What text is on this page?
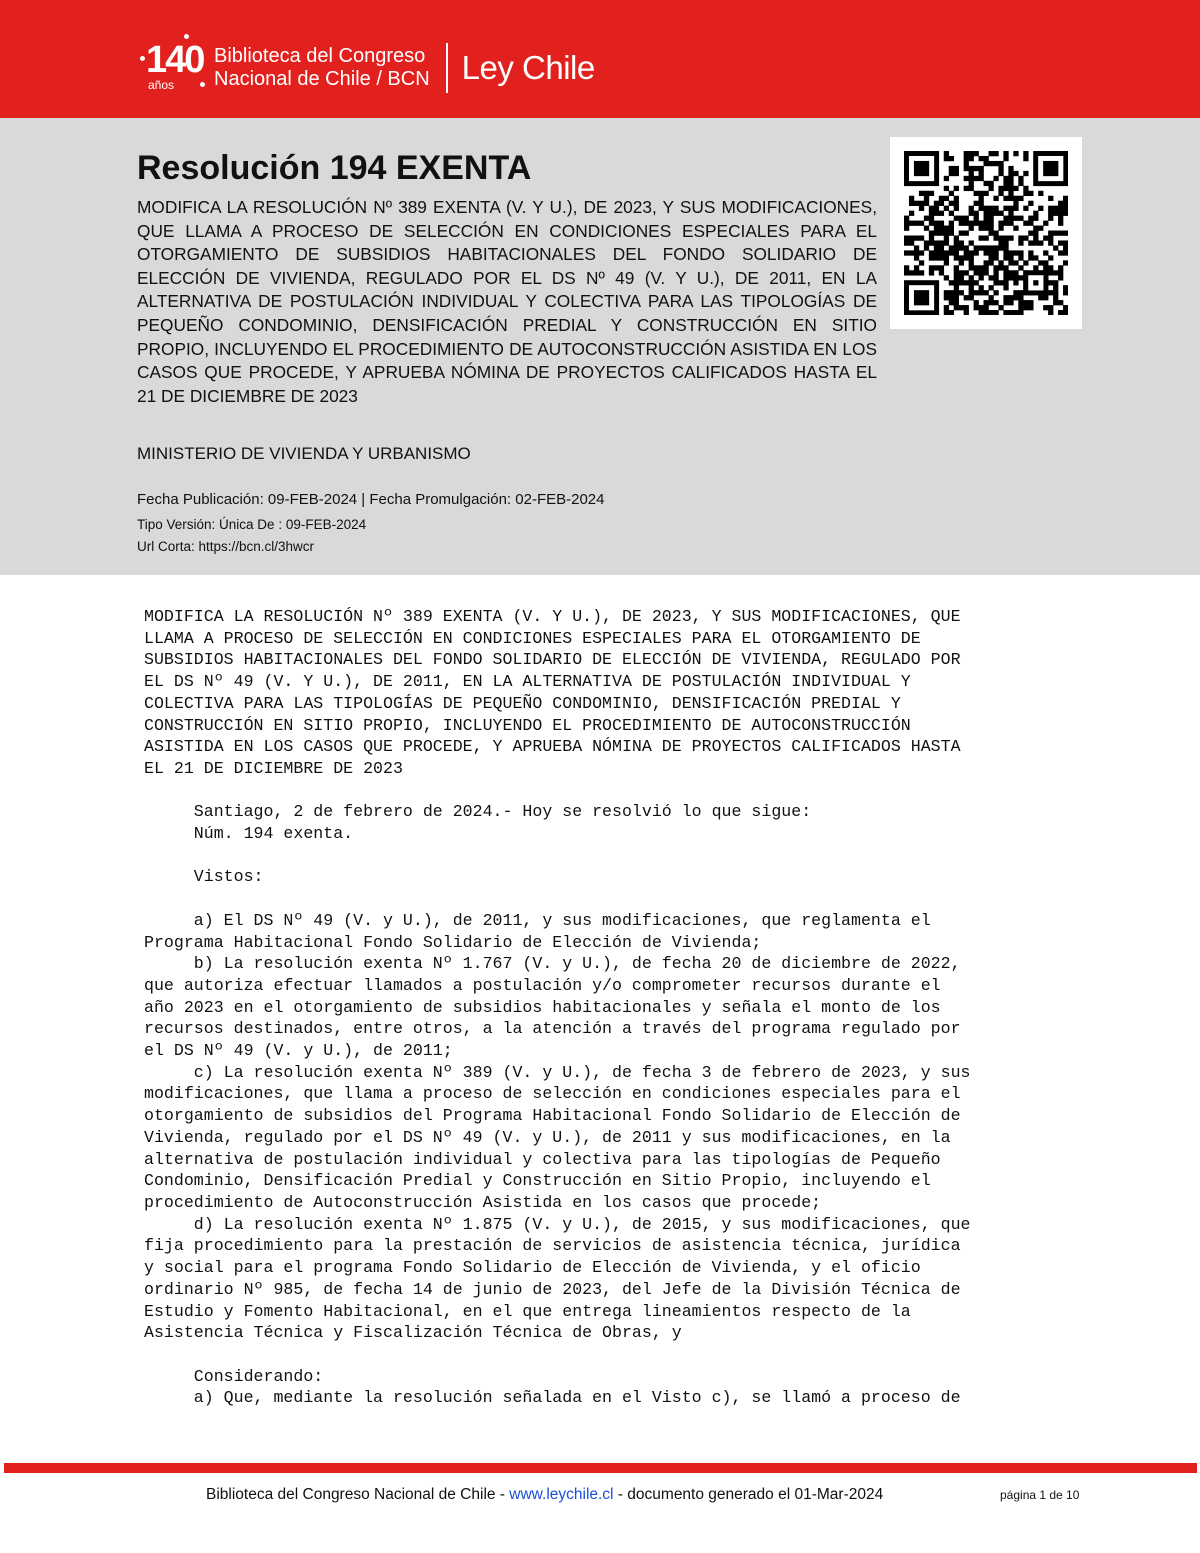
140
años
Biblioteca del Congreso
Nacional de Chile / BCN Ley Chile
Resolución 194 EXENTA

MODIFICA LA RESOLUCIÓN Nº 389 EXENTA (V. Y U.), DE 2023, Y SUS MODIFICACIONES, QUE LLAMA A PROCESO DE SELECCIÓN EN CONDICIONES ESPECIALES PARA EL OTORGAMIENTO DE SUBSIDIOS HABITACIONALES DEL FONDO SOLIDARIO DE ELECCIÓN DE VIVIENDA, REGULADO POR EL DS Nº 49 (V. Y U.), DE 2011, EN LA ALTERNATIVA DE POSTULACIÓN INDIVIDUAL Y COLECTIVA PARA LAS TIPOLOGÍAS DE PEQUEÑO CONDOMINIO, DENSIFICACIÓN PREDIAL Y CONSTRUCCIÓN EN SITIO PROPIO, INCLUYENDO EL PROCEDIMIENTO DE AUTOCONSTRUCCIÓN ASISTIDA EN LOS CASOS QUE PROCEDE, Y APRUEBA NÓMINA DE PROYECTOS CALIFICADOS HASTA EL 21 DE DICIEMBRE DE 2023

MINISTERIO DE VIVIENDA Y URBANISMO

Fecha Publicación: 09-FEB-2024 | Fecha Promulgación: 02-FEB-2024

Tipo Versión: Única De : 09-FEB-2024

Url Corta: https://bcn.cl/3hwcr

MODIFICA LA RESOLUCIÓN Nº 389 EXENTA (V. Y U.), DE 2023, Y SUS MODIFICACIONES, QUE
LLAMA A PROCESO DE SELECCIÓN EN CONDICIONES ESPECIALES PARA EL OTORGAMIENTO DE
SUBSIDIOS HABITACIONALES DEL FONDO SOLIDARIO DE ELECCIÓN DE VIVIENDA, REGULADO POR
EL DS Nº 49 (V. Y U.), DE 2011, EN LA ALTERNATIVA DE POSTULACIÓN INDIVIDUAL Y
COLECTIVA PARA LAS TIPOLOGÍAS DE PEQUEÑO CONDOMINIO, DENSIFICACIÓN PREDIAL Y
CONSTRUCCIÓN EN SITIO PROPIO, INCLUYENDO EL PROCEDIMIENTO DE AUTOCONSTRUCCIÓN
ASISTIDA EN LOS CASOS QUE PROCEDE, Y APRUEBA NÓMINA DE PROYECTOS CALIFICADOS HASTA
EL 21 DE DICIEMBRE DE 2023

Santiago, 2 de febrero de 2024.- Hoy se resolvió lo que sigue:
Núm. 194 exenta.

Vistos:

a) El DS Nº 49 (V. y U.), de 2011, y sus modificaciones, que reglamenta el
Programa Habitacional Fondo Solidario de Elección de Vivienda;
b) La resolución exenta Nº 1.767 (V. y U.), de fecha 20 de diciembre de 2022,
que autoriza efectuar llamados a postulación y/o comprometer recursos durante el
año 2023 en el otorgamiento de subsidios habitacionales y señala el monto de los
recursos destinados, entre otros, a la atención a través del programa regulado por
el DS Nº 49 (V. y U.), de 2011;
c) La resolución exenta Nº 389 (V. y U.), de fecha 3 de febrero de 2023, y sus
modificaciones, que llama a proceso de selección en condiciones especiales para el
otorgamiento de subsidios del Programa Habitacional Fondo Solidario de Elección de
Vivienda, regulado por el DS Nº 49 (V. y U.), de 2011 y sus modificaciones, en la
alternativa de postulación individual y colectiva para las tipologías de Pequeño
Condominio, Densificación Predial y Construcción en Sitio Propio, incluyendo el
procedimiento de Autoconstrucción Asistida en los casos que procede;
d) La resolución exenta Nº 1.875 (V. y U.), de 2015, y sus modificaciones, que
fija procedimiento para la prestación de servicios de asistencia técnica, jurídica
y social para el programa Fondo Solidario de Elección de Vivienda, y el oficio
ordinario Nº 985, de fecha 14 de junio de 2023, del Jefe de la División Técnica de
Estudio y Fomento Habitacional, en el que entrega lineamientos respecto de la
Asistencia Técnica y Fiscalización Técnica de Obras, y

Considerando:
a) Que, mediante la resolución señalada en el Visto c), se llamó a proceso de
Biblioteca del Congreso Nacional de Chile - www.leychile.cl - documento generado el 01-Mar-2024	página 1 de 10
